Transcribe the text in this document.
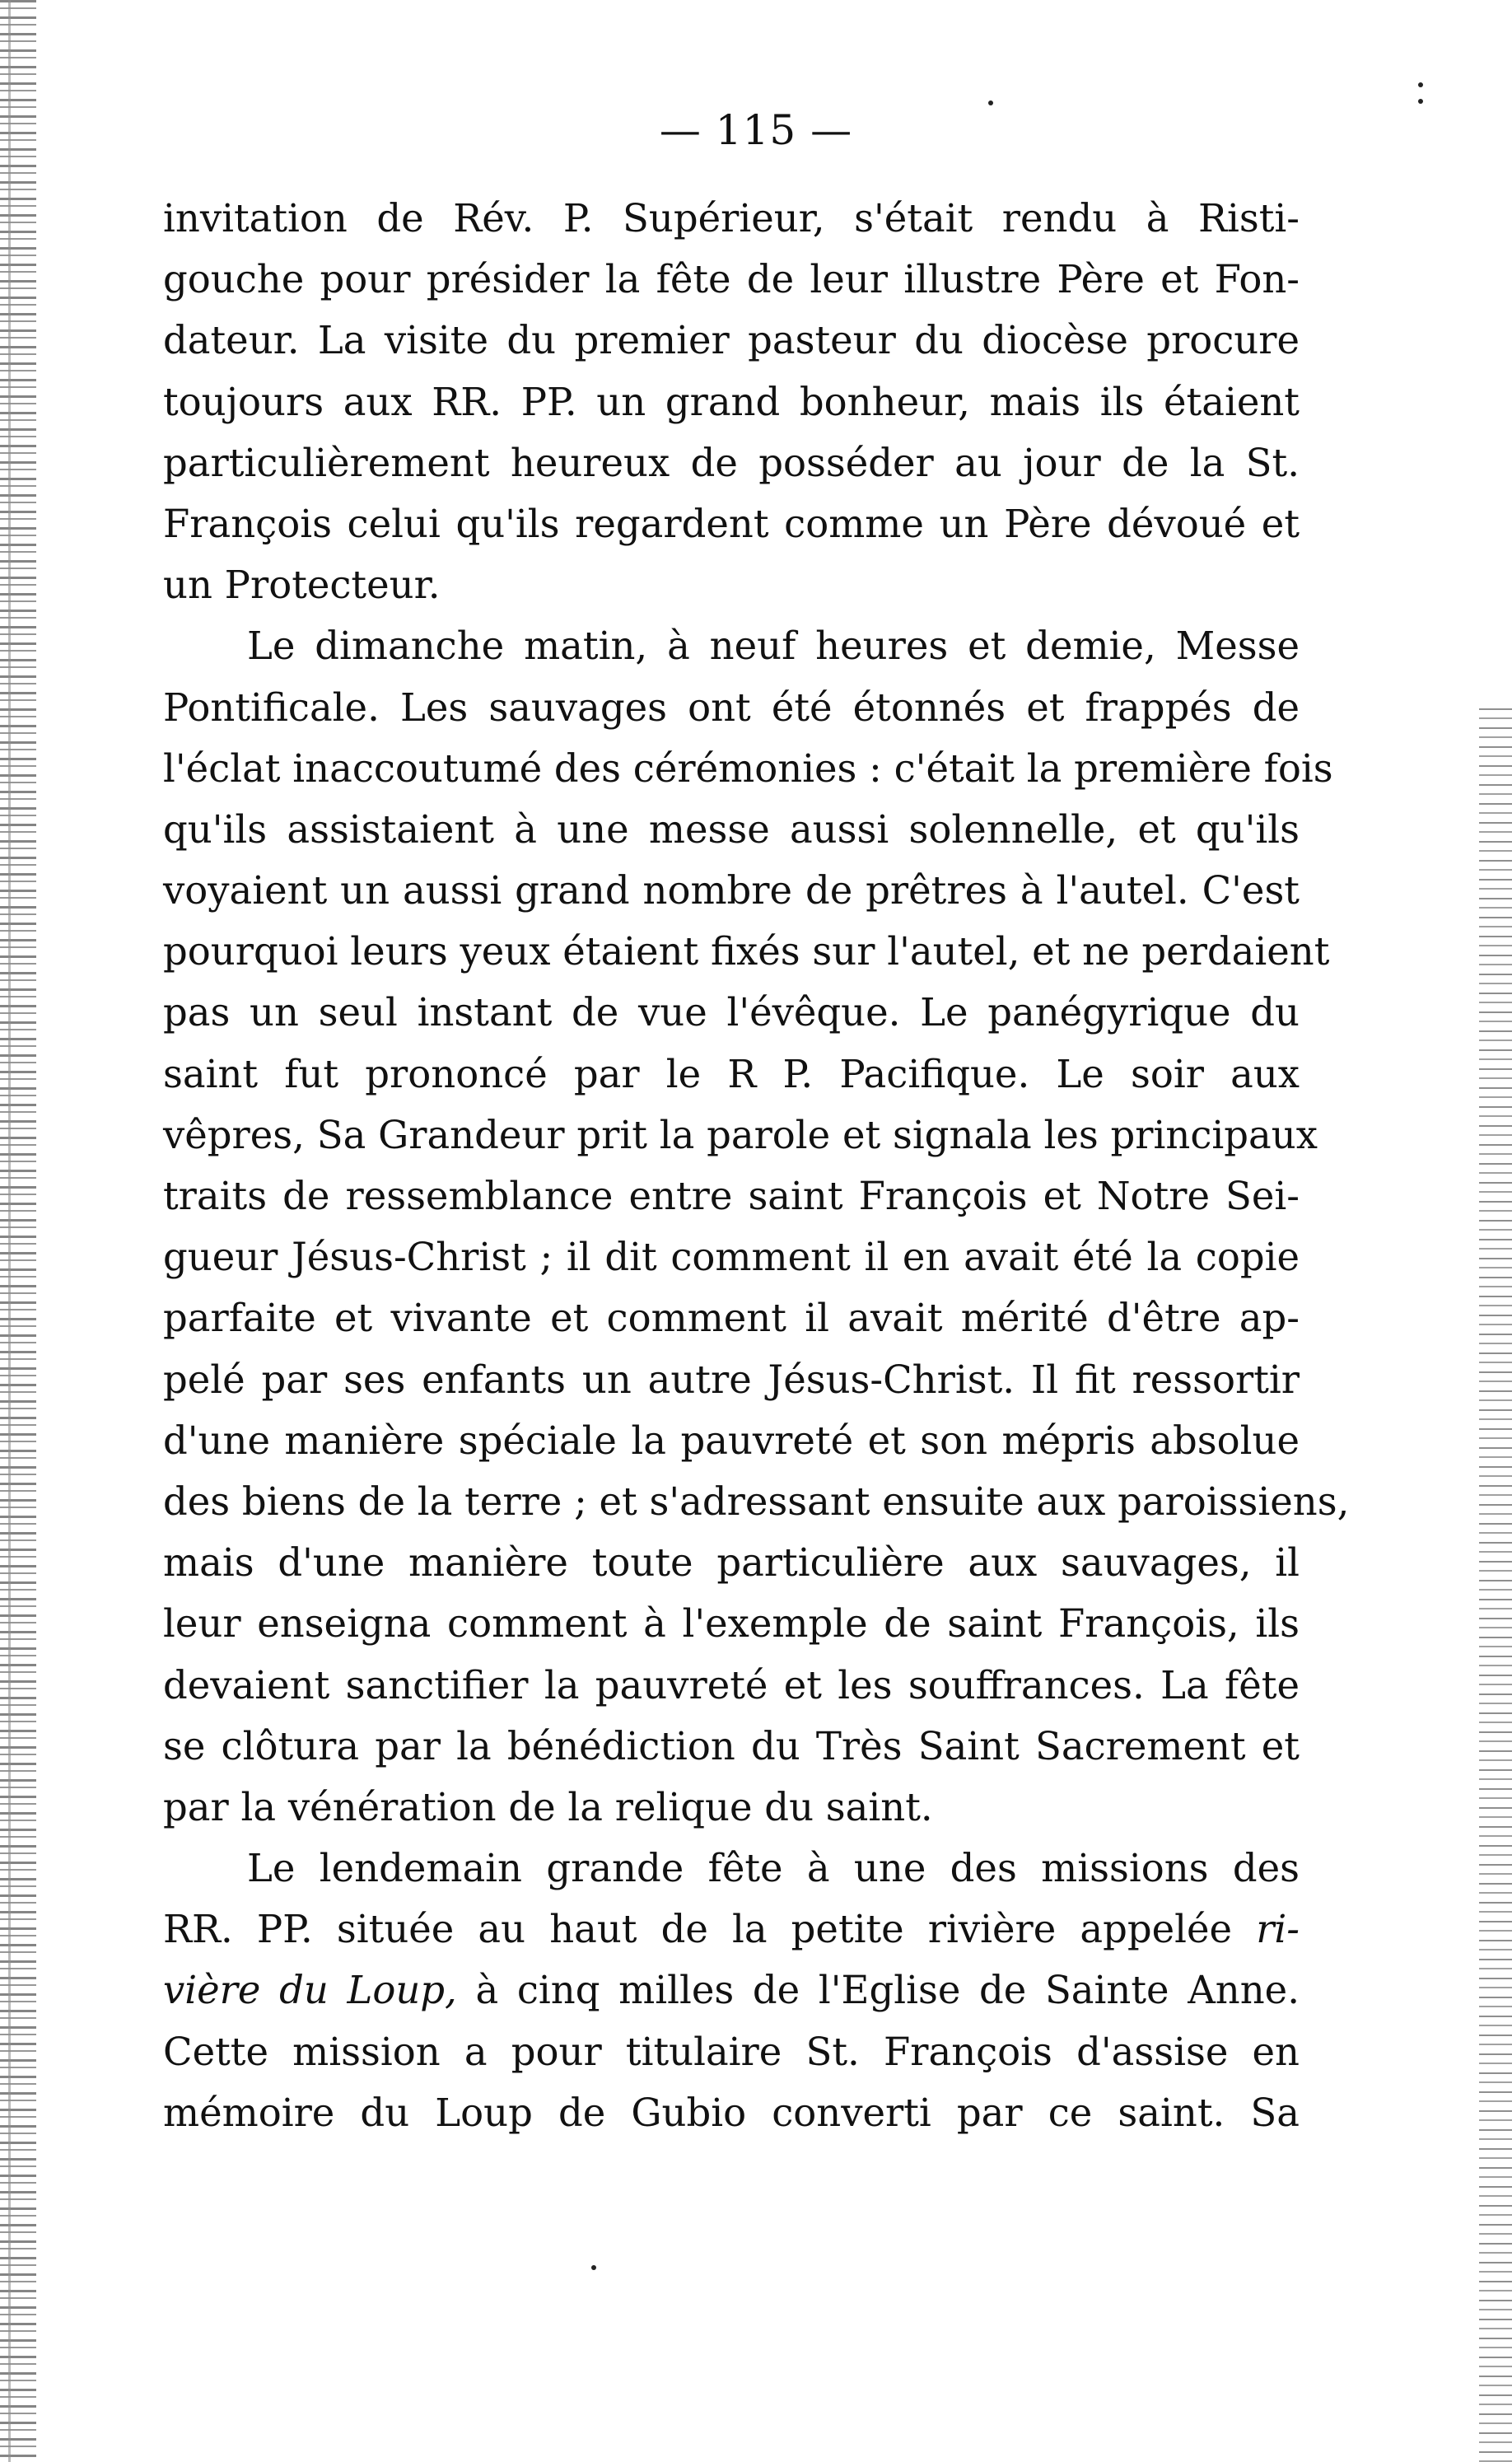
— 115 —
invitation de Rév. P. Supérieur, s'était rendu à Risti-
gouche pour présider la fête de leur illustre Père et Fon-
dateur. La visite du premier pasteur du diocèse procure
toujours aux RR. PP. un grand bonheur, mais ils étaient
particulièrement heureux de posséder au jour de la St.
François celui qu'ils regardent comme un Père dévoué et
un Protecteur.
Le dimanche matin, à neuf heures et demie, Messe
Pontificale. Les sauvages ont été étonnés et frappés de
l'éclat inaccoutumé des cérémonies : c'était la première fois
qu'ils assistaient à une messe aussi solennelle, et qu'ils
voyaient un aussi grand nombre de prêtres à l'autel. C'est
pourquoi leurs yeux étaient fixés sur l'autel, et ne perdaient
pas un seul instant de vue l'évêque. Le panégyrique du
saint fut prononcé par le R P. Pacifique. Le soir aux
vêpres, Sa Grandeur prit la parole et signala les principaux
traits de ressemblance entre saint François et Notre Sei-
gueur Jésus-Christ ; il dit comment il en avait été la copie
parfaite et vivante et comment il avait mérité d'être ap-
pelé par ses enfants un autre Jésus-Christ. Il fit ressortir
d'une manière spéciale la pauvreté et son mépris absolue
des biens de la terre ; et s'adressant ensuite aux paroissiens,
mais d'une manière toute particulière aux sauvages, il
leur enseigna comment à l'exemple de saint François, ils
devaient sanctifier la pauvreté et les souffrances. La fête
se clôtura par la bénédiction du Très Saint Sacrement et
par la vénération de la relique du saint.
Le lendemain grande fête à une des missions des
RR. PP. située au haut de la petite rivière appelée ri-
vière du Loup, à cinq milles de l'Eglise de Sainte Anne.
Cette mission a pour titulaire St. François d'assise en
mémoire du Loup de Gubio converti par ce saint. Sa
